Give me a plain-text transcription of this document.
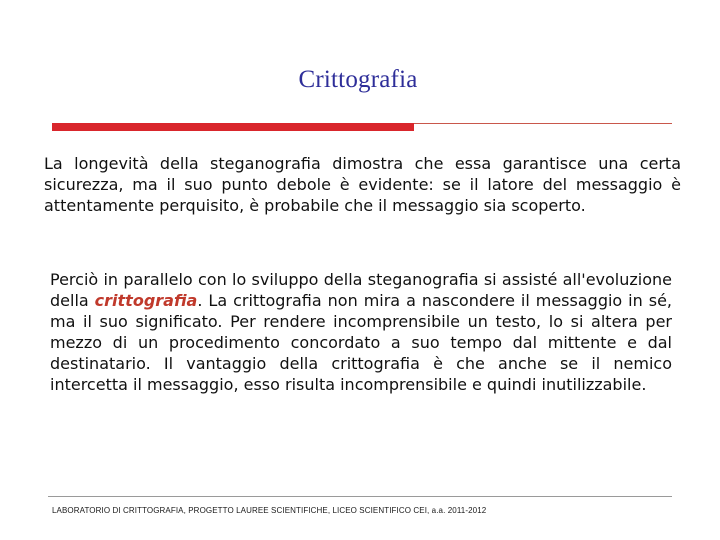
Crittografia

La longevità della steganografia dimostra che essa garantisce una certa sicurezza, ma il suo punto debole è evidente: se il latore del messaggio è attentamente perquisito, è probabile che il messaggio sia scoperto.

Perciò in parallelo con lo sviluppo della steganografia si assisté all'evoluzione della crittografia. La crittografia non mira a nascondere il messaggio in sé, ma il suo significato. Per rendere incomprensibile un testo, lo si altera per mezzo di un procedimento concordato a suo tempo dal mittente e dal destinatario. Il vantaggio della crittografia è che anche se il nemico intercetta il messaggio, esso risulta incomprensibile e quindi inutilizzabile.

LABORATORIO DI CRITTOGRAFIA, PROGETTO LAUREE SCIENTIFICHE, LICEO SCIENTIFICO CEI, a.a. 2011-2012
